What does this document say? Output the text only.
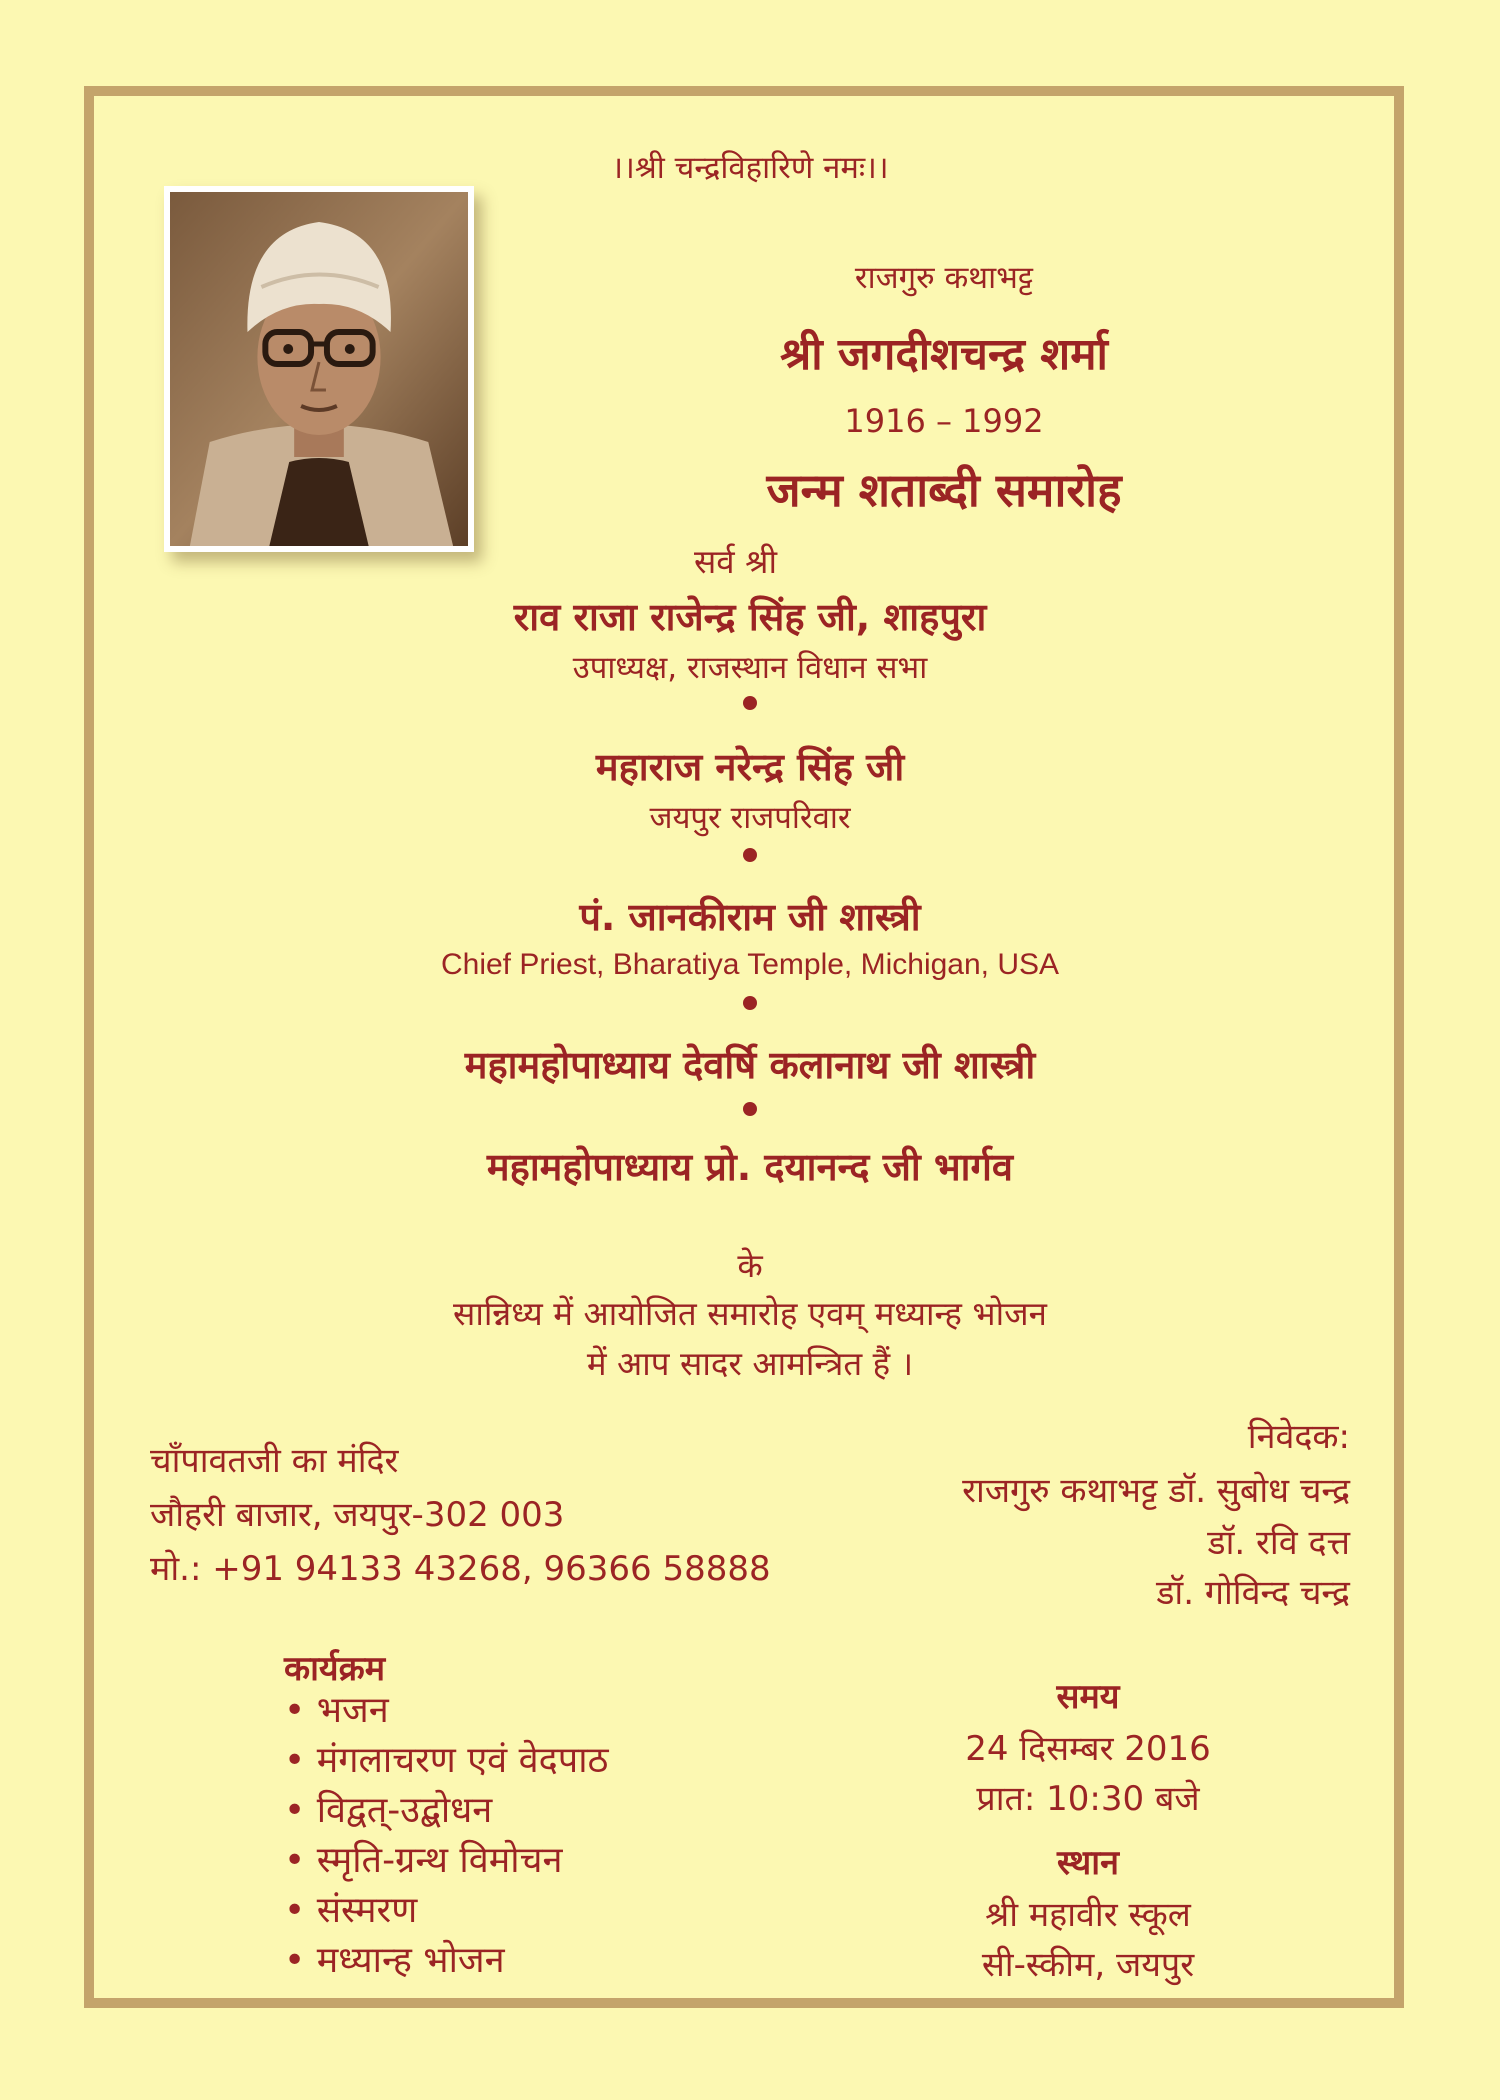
।।श्री चन्द्रविहारिणे नमः।।
राजगुरु कथाभट्ट
श्री जगदीशचन्द्र शर्मा
1916 – 1992
जन्म शताब्दी समारोह
सर्व श्री
राव राजा राजेन्द्र सिंह जी, शाहपुरा
उपाध्यक्ष, राजस्थान विधान सभा
महाराज नरेन्द्र सिंह जी
जयपुर राजपरिवार
पं. जानकीराम जी शास्त्री
Chief Priest, Bharatiya Temple, Michigan, USA
महामहोपाध्याय देवर्षि कलानाथ जी शास्त्री
महामहोपाध्याय प्रो. दयानन्द जी भार्गव
के
सान्निध्य में आयोजित समारोह एवम् मध्यान्ह भोजन
में आप सादर आमन्त्रित हैं ।
चाँपावतजी का मंदिर
जौहरी बाजार, जयपुर-302 003
मो.: +91 94133 43268, 96366 58888
निवेदक:
राजगुरु कथाभट्ट डॉ. सुबोध चन्द्र
डॉ. रवि दत्त
डॉ. गोविन्द चन्द्र
कार्यक्रम
• भजन
• मंगलाचरण एवं वेदपाठ
• विद्वत्-उद्बोधन
• स्मृति-ग्रन्थ विमोचन
• संस्मरण
• मध्यान्ह भोजन
समय
24 दिसम्बर 2016
प्रात: 10:30 बजे
स्थान
श्री महावीर स्कूल
सी-स्कीम, जयपुर
